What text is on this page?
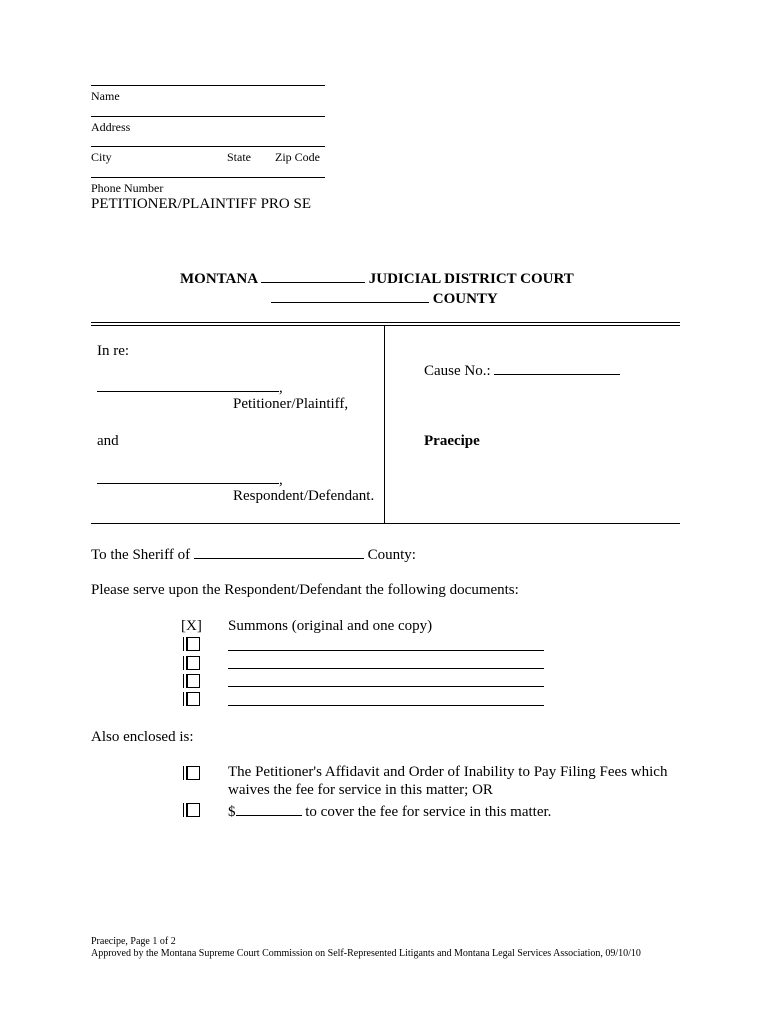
Name
Address
City	State Zip Code
Phone Number
PETITIONER/PLAINTIFF PRO SE
MONTANA	JUDICIAL DISTRICT COURT
COUNTY
In re:
,
Petitioner/Plaintiff,
and
,
Respondent/Defendant.
Cause No.:
Praecipe
To the Sheriff of	County:
Please serve upon the Respondent/Defendant the following documents:
[X] Summons (original and one copy)
Also enclosed is:
The Petitioner's Affidavit and Order of Inability to Pay Filing Fees which
waives the fee for service in this matter; OR
$	to cover the fee for service in this matter.
Praecipe, Page 1 of 2
Approved by the Montana Supreme Court Commission on Self-Represented Litigants and Montana Legal Services Association, 09/10/10
